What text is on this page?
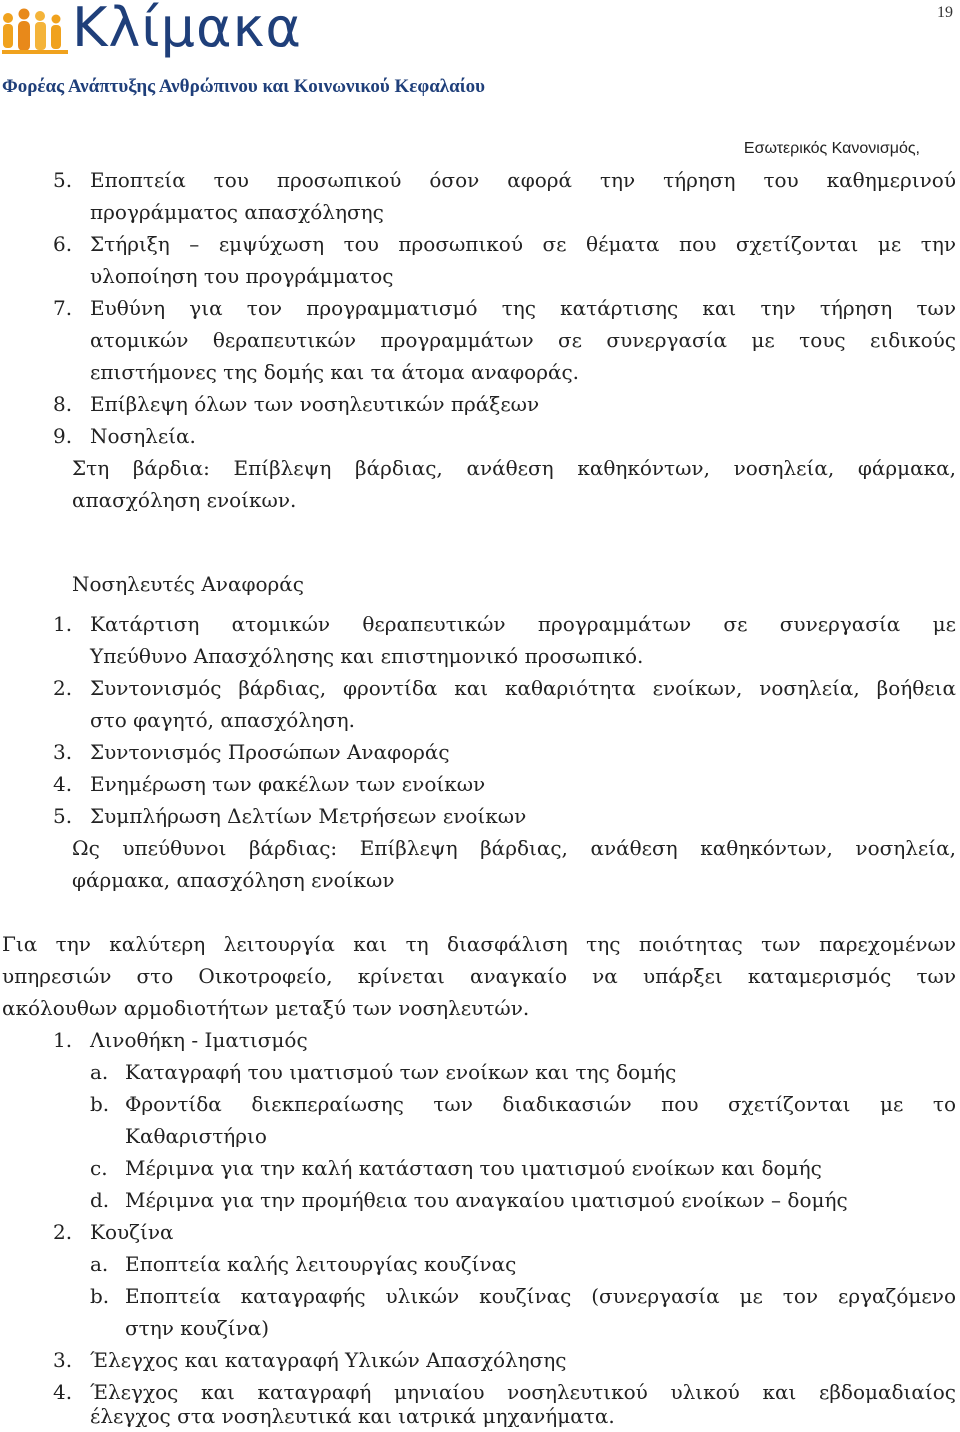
Κλίμακα
Φορέας Ανάπτυξης Ανθρώπινου και Κοινωνικού Κεφαλαίου
19
Εσωτερικός Κανονισμός,
5. Εποπτεία του προσωπικού όσον αφορά την τήρηση του καθημερινού
προγράμματος απασχόλησης
6. Στήριξη – εμψύχωση του προσωπικού σε θέματα που σχετίζονται με την
υλοποίηση του προγράμματος
7. Ευθύνη για τον προγραμματισμό της κατάρτισης και την τήρηση των
ατομικών θεραπευτικών προγραμμάτων σε συνεργασία με τους ειδικούς
επιστήμονες της δομής και τα άτομα αναφοράς.
8. Επίβλεψη όλων των νοσηλευτικών πράξεων
9. Νοσηλεία.
Στη βάρδια: Επίβλεψη βάρδιας, ανάθεση καθηκόντων, νοσηλεία, φάρμακα,
απασχόληση ενοίκων.
Νοσηλευτές Αναφοράς
1. Κατάρτιση ατομικών θεραπευτικών προγραμμάτων σε συνεργασία με
Υπεύθυνο Απασχόλησης και επιστημονικό προσωπικό.
2. Συντονισμός βάρδιας, φροντίδα και καθαριότητα ενοίκων, νοσηλεία, βοήθεια
στο φαγητό, απασχόληση.
3. Συντονισμός Προσώπων Αναφοράς
4. Ενημέρωση των φακέλων των ενοίκων
5. Συμπλήρωση Δελτίων Μετρήσεων ενοίκων
Ως υπεύθυνοι βάρδιας: Επίβλεψη βάρδιας, ανάθεση καθηκόντων, νοσηλεία,
φάρμακα, απασχόληση ενοίκων
Για την καλύτερη λειτουργία και τη διασφάλιση της ποιότητας των παρεχομένων
υπηρεσιών στο Οικοτροφείο, κρίνεται αναγκαίο να υπάρξει καταμερισμός των
ακόλουθων αρμοδιοτήτων μεταξύ των νοσηλευτών.
1. Λινοθήκη - Ιματισμός
a. Καταγραφή του ιματισμού των ενοίκων και της δομής
b. Φροντίδα διεκπεραίωσης των διαδικασιών που σχετίζονται με το
Καθαριστήριο
c. Μέριμνα για την καλή κατάσταση του ιματισμού ενοίκων και δομής
d. Μέριμνα για την προμήθεια του αναγκαίου ιματισμού ενοίκων – δομής
2. Κουζίνα
a. Εποπτεία καλής λειτουργίας κουζίνας
b. Εποπτεία καταγραφής υλικών κουζίνας (συνεργασία με τον εργαζόμενο
στην κουζίνα)
3. Έλεγχος και καταγραφή Υλικών Απασχόλησης
4. Έλεγχος και καταγραφή μηνιαίου νοσηλευτικού υλικού και εβδομαδιαίος
έλεγχος στα νοσηλευτικά και ιατρικά μηχανήματα.
